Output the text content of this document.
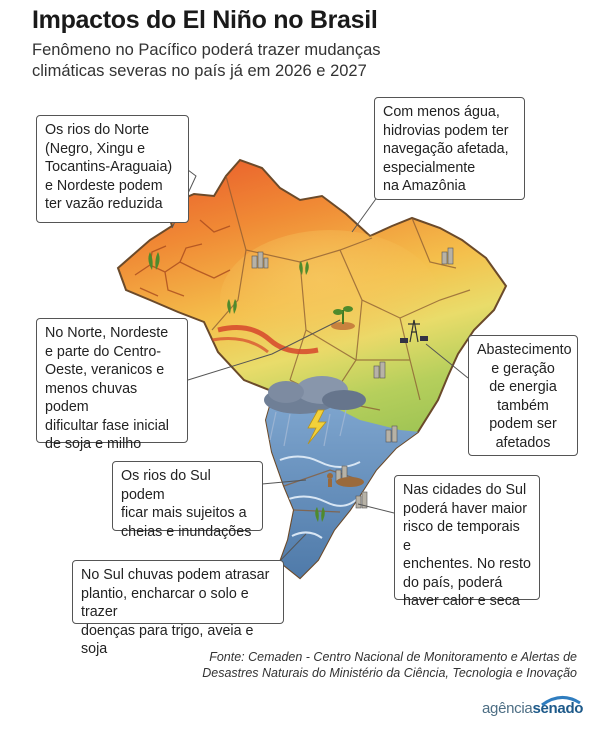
Impactos do El Niño no Brasil
Fenômeno no Pacífico poderá trazer mudanças climáticas severas no país já em 2026 e 2027
Os rios do Norte
(Negro, Xingu e
Tocantins-Araguaia)
e Nordeste podem
ter vazão reduzida
Com menos água,
hidrovias podem ter
navegação afetada,
especialmente
na Amazônia
No Norte, Nordeste
e parte do Centro-
Oeste, veranicos e
menos chuvas podem
dificultar fase inicial
de soja e milho
Abastecimento
e geração
de energia
também
podem ser
afetados
Os rios do Sul podem
ficar mais sujeitos a
cheias e inundações
Nas cidades do Sul
poderá haver maior
risco de temporais e
enchentes. No resto
do país, poderá
haver calor e seca
No Sul chuvas podem atrasar
plantio, encharcar o solo e trazer
doenças para trigo, aveia e soja	Fonte: Cemaden - Centro Nacional de Monitoramento e Alertas de Desastres Naturais do Ministério da Ciência, Tecnologia e Inovação
agênciasenado
